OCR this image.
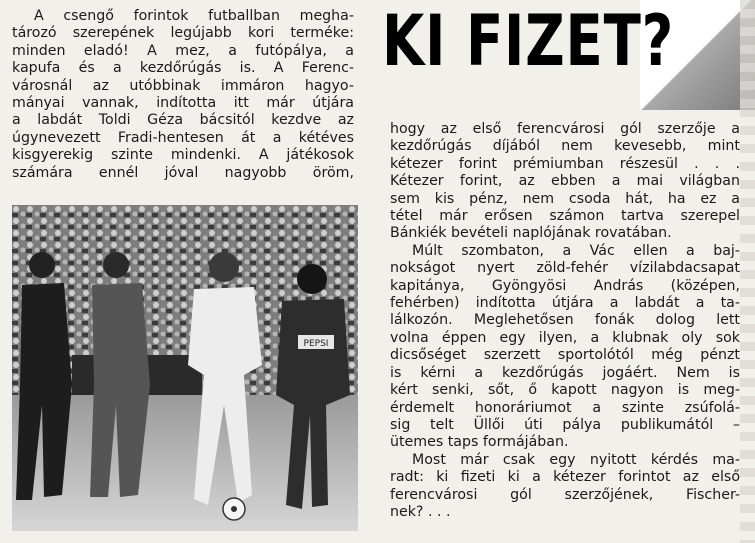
KI FIZET?
A csengő forintok futballban megha-
tározó szerepének legújabb kori terméke:
minden eladó! A mez, a futópálya, a
kapufa és a kezdőrúgás is. A Ferenc-
városnál az utóbbinak immáron hagyo-
mányai vannak, indította itt már útjára
a labdát Toldi Géza bácsitól kezdve az
úgynevezett Fradi-hentesen át a kétéves
kisgyerekig szinte mindenki. A játékosok
számára ennél jóval nagyobb öröm,
hogy az első ferencvárosi gól szerzője a
kezdőrúgás díjából nem kevesebb, mint
kétezer forint prémiumban részesül . . .
Kétezer forint, az ebben a mai világban
sem kis pénz, nem csoda hát, ha ez a
tétel már erősen számon tartva szerepel
Bánkiék bevételi naplójának rovatában.
Múlt szombaton, a Vác ellen a baj-
nokságot nyert zöld-fehér vízilabdacsapat
kapitánya, Gyöngyösi András (középen,
fehérben) indította útjára a labdát a ta-
lálkozón. Meglehetősen fonák dolog lett
volna éppen egy ilyen, a klubnak oly sok
dicsőséget szerzett sportolótól még pénzt
is kérni a kezdőrúgás jogáért. Nem is
kért senki, sőt, ő kapott nagyon is meg-
érdemelt honoráriumot a szinte zsúfolá-
sig telt Üllői úti pálya publikumától –
ütemes taps formájában.
Most már csak egy nyitott kérdés ma-
radt: ki fizeti ki a kétezer forintot az első
ferencvárosi gól szerzőjének, Fischer-
nek? . . .
PEPSI
